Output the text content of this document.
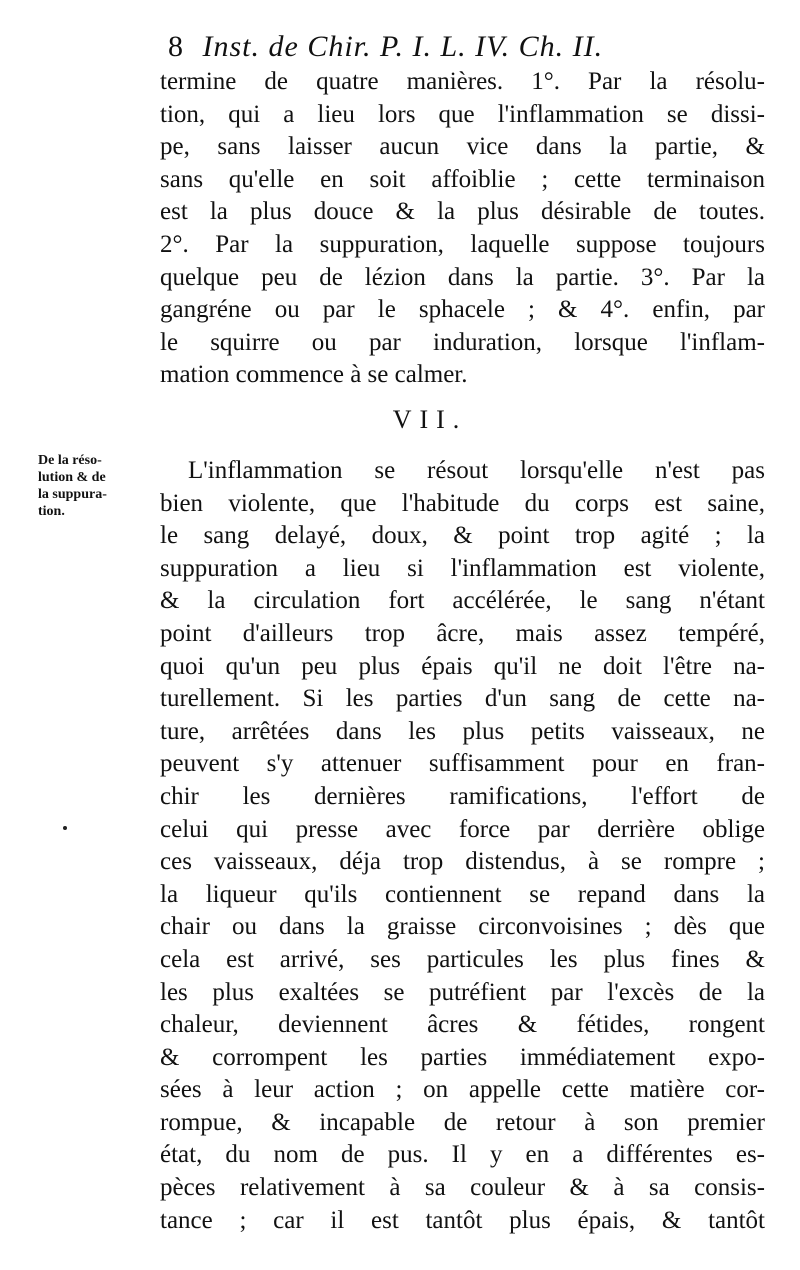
8 Inst. de Chir. P. I. L. IV. Ch. II.
termine de quatre manières. 1°. Par la résolu-
tion, qui a lieu lors que l'inflammation se dissi-
pe, sans laisser aucun vice dans la partie, &
sans qu'elle en soit affoiblie ; cette terminaison
est la plus douce & la plus désirable de toutes.
2°. Par la suppuration, laquelle suppose toujours
quelque peu de lézion dans la partie. 3°. Par la
gangréne ou par le sphacele ; & 4°. enfin, par
le squirre ou par induration, lorsque l'inflam-
mation commence à se calmer.
VII.
De la réso-
lution & de
la suppura-
tion.
L'inflammation se résout lorsqu'elle n'est pas
bien violente, que l'habitude du corps est saine,
le sang delayé, doux, & point trop agité ; la
suppuration a lieu si l'inflammation est violente,
& la circulation fort accélérée, le sang n'étant
point d'ailleurs trop âcre, mais assez tempéré,
quoi qu'un peu plus épais qu'il ne doit l'être na-
turellement. Si les parties d'un sang de cette na-
ture, arrêtées dans les plus petits vaisseaux, ne
peuvent s'y attenuer suffisamment pour en fran-
chir les dernières ramifications, l'effort de
celui qui presse avec force par derrière oblige
ces vaisseaux, déja trop distendus, à se rompre ;
la liqueur qu'ils contiennent se repand dans la
chair ou dans la graisse circonvoisines ; dès que
cela est arrivé, ses particules les plus fines &
les plus exaltées se putréfient par l'excès de la
chaleur, deviennent âcres & fétides, rongent
& corrompent les parties immédiatement expo-
sées à leur action ; on appelle cette matière cor-
rompue, & incapable de retour à son premier
état, du nom de pus. Il y en a différentes es-
pèces relativement à sa couleur & à sa consis-
tance ; car il est tantôt plus épais, & tantôt
